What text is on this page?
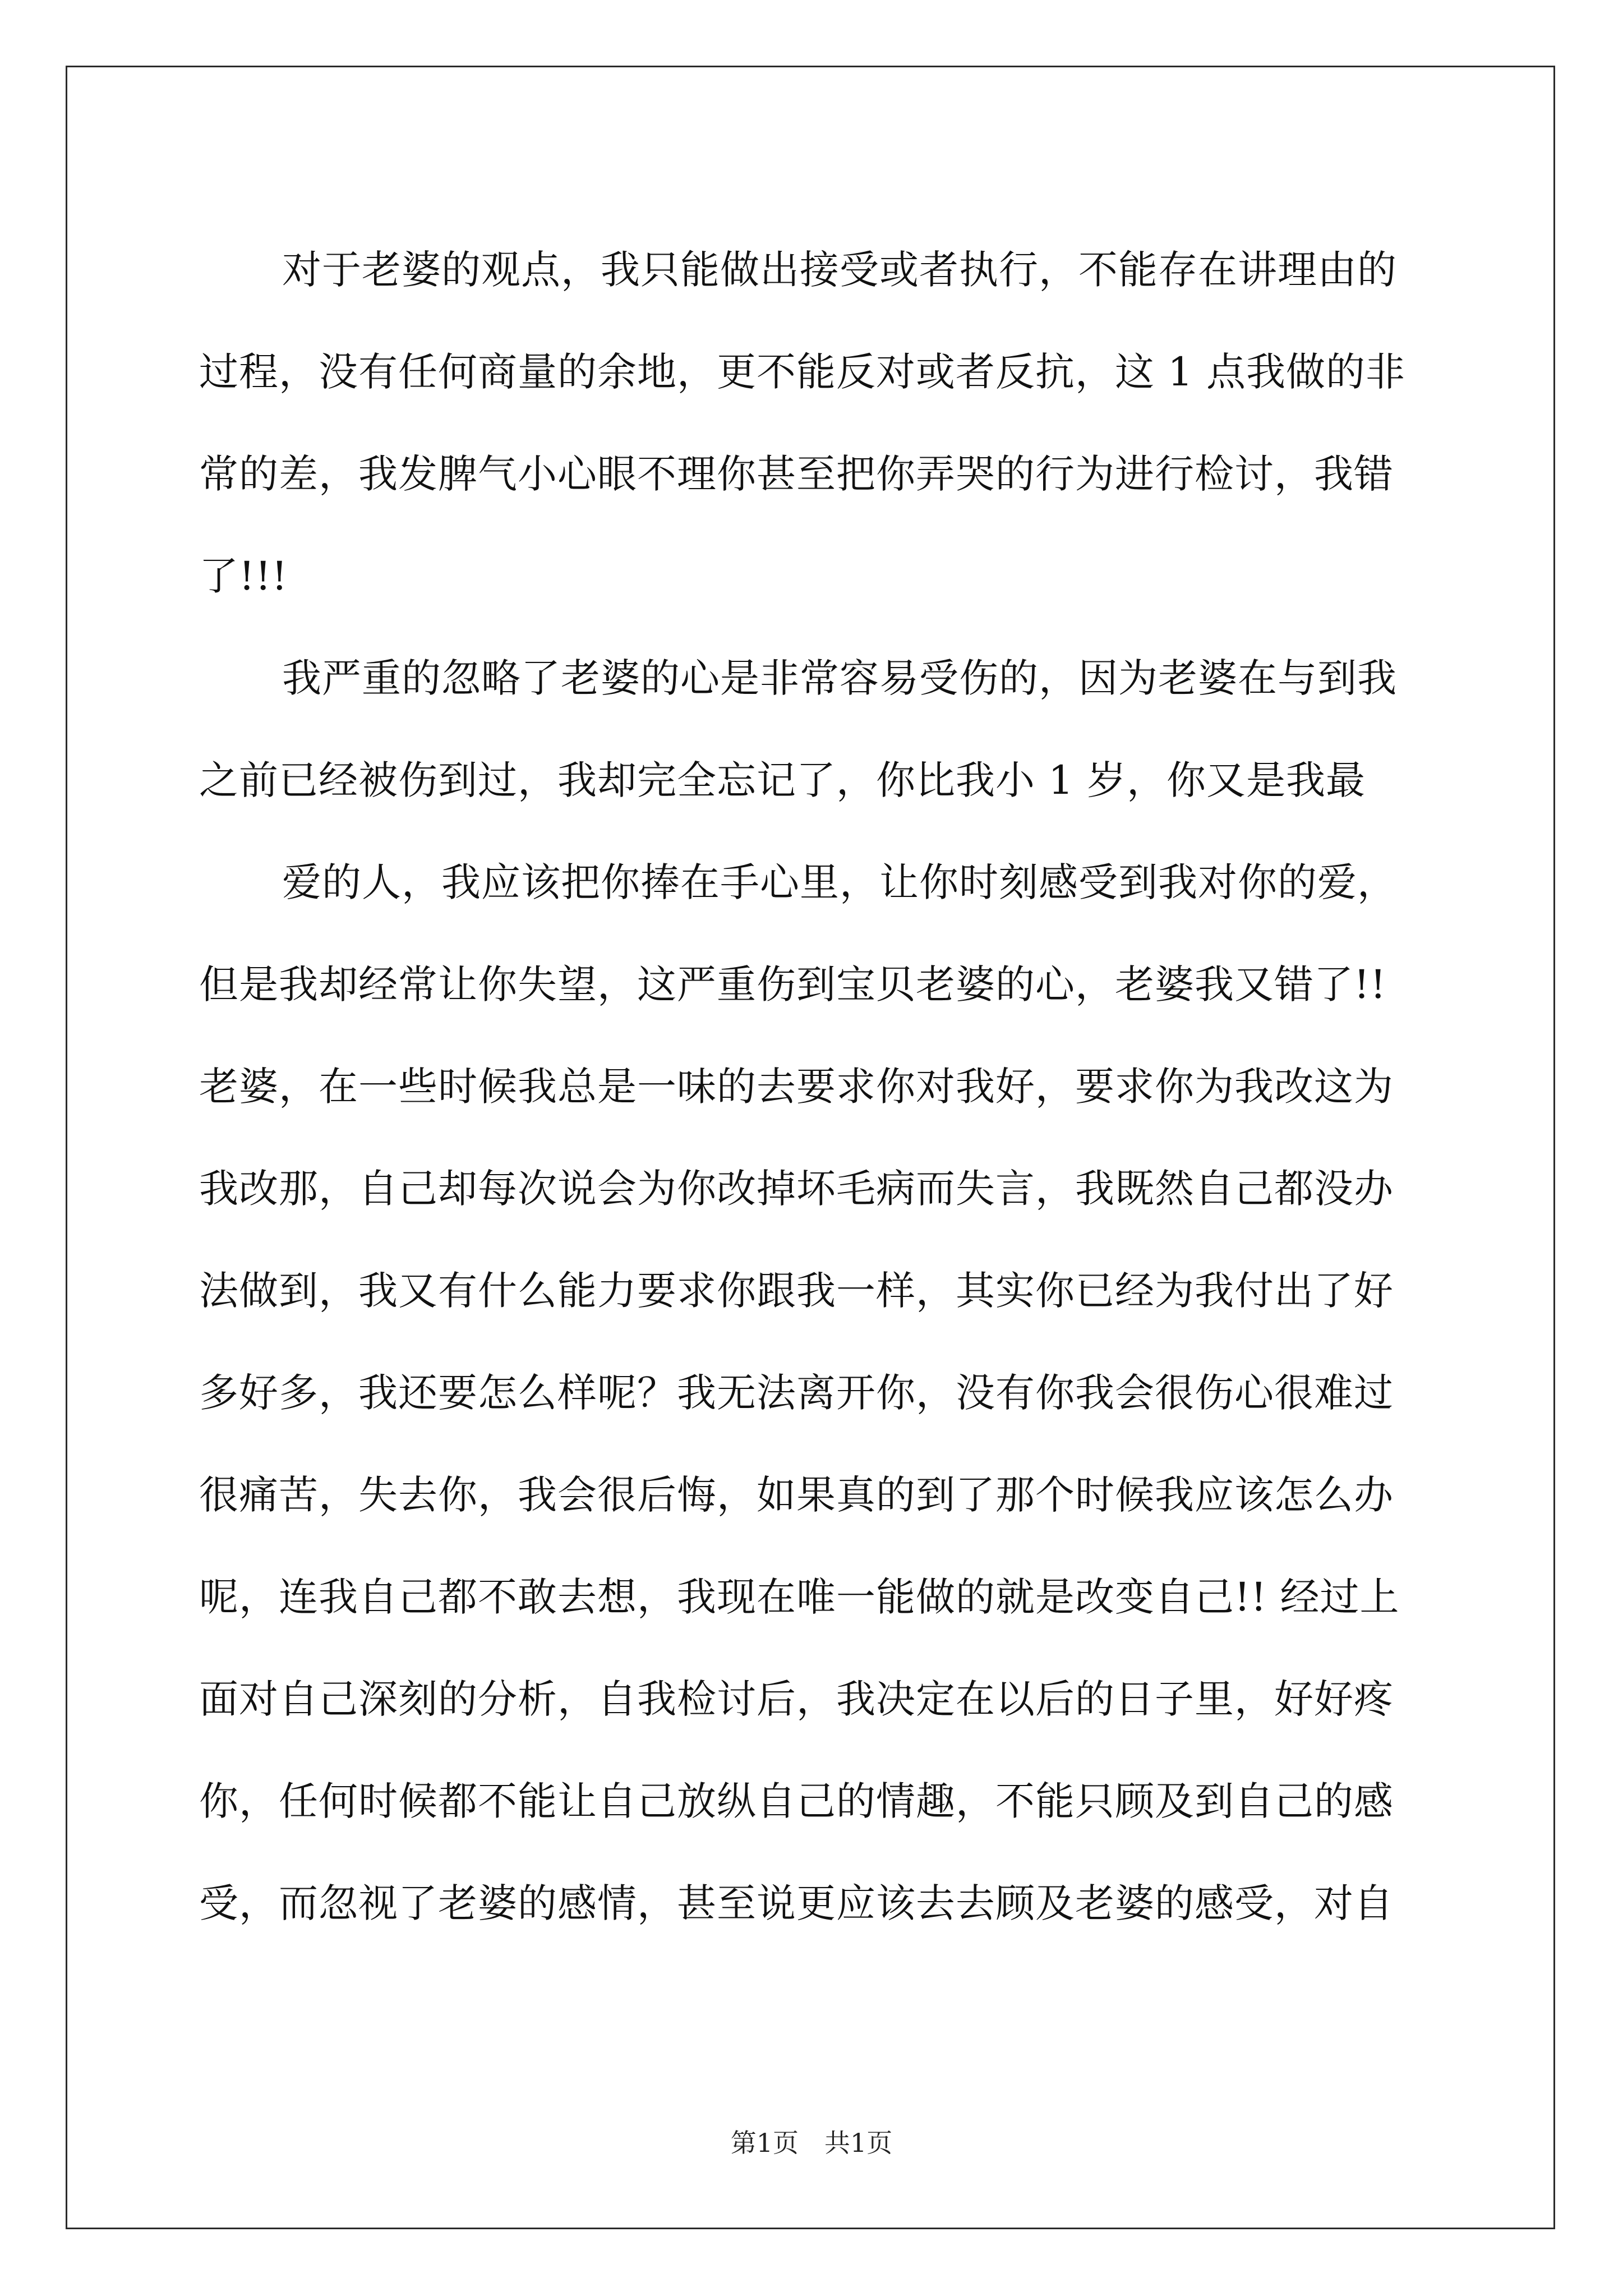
对于老婆的观点，我只能做出接受或者执行，不能存在讲理由的
过程，没有任何商量的余地，更不能反对或者反抗，这 1 点我做的非
常的差，我发脾气小心眼不理你甚至把你弄哭的行为进行检讨，我错
了!!!
我严重的忽略了老婆的心是非常容易受伤的，因为老婆在与到我
之前已经被伤到过，我却完全忘记了，你比我小 1 岁，你又是我最
爱的人，我应该把你捧在手心里，让你时刻感受到我对你的爱，
但是我却经常让你失望，这严重伤到宝贝老婆的心，老婆我又错了!!
老婆，在一些时候我总是一味的去要求你对我好，要求你为我改这为
我改那，自己却每次说会为你改掉坏毛病而失言，我既然自己都没办
法做到，我又有什么能力要求你跟我一样，其实你已经为我付出了好
多好多，我还要怎么样呢？我无法离开你，没有你我会很伤心很难过
很痛苦，失去你，我会很后悔，如果真的到了那个时候我应该怎么办
呢，连我自己都不敢去想，我现在唯一能做的就是改变自己!! 经过上
面对自己深刻的分析，自我检讨后，我决定在以后的日子里，好好疼
你，任何时候都不能让自己放纵自己的情趣，不能只顾及到自己的感
受，而忽视了老婆的感情，甚至说更应该去去顾及老婆的感受，对自
第1页 共1页
